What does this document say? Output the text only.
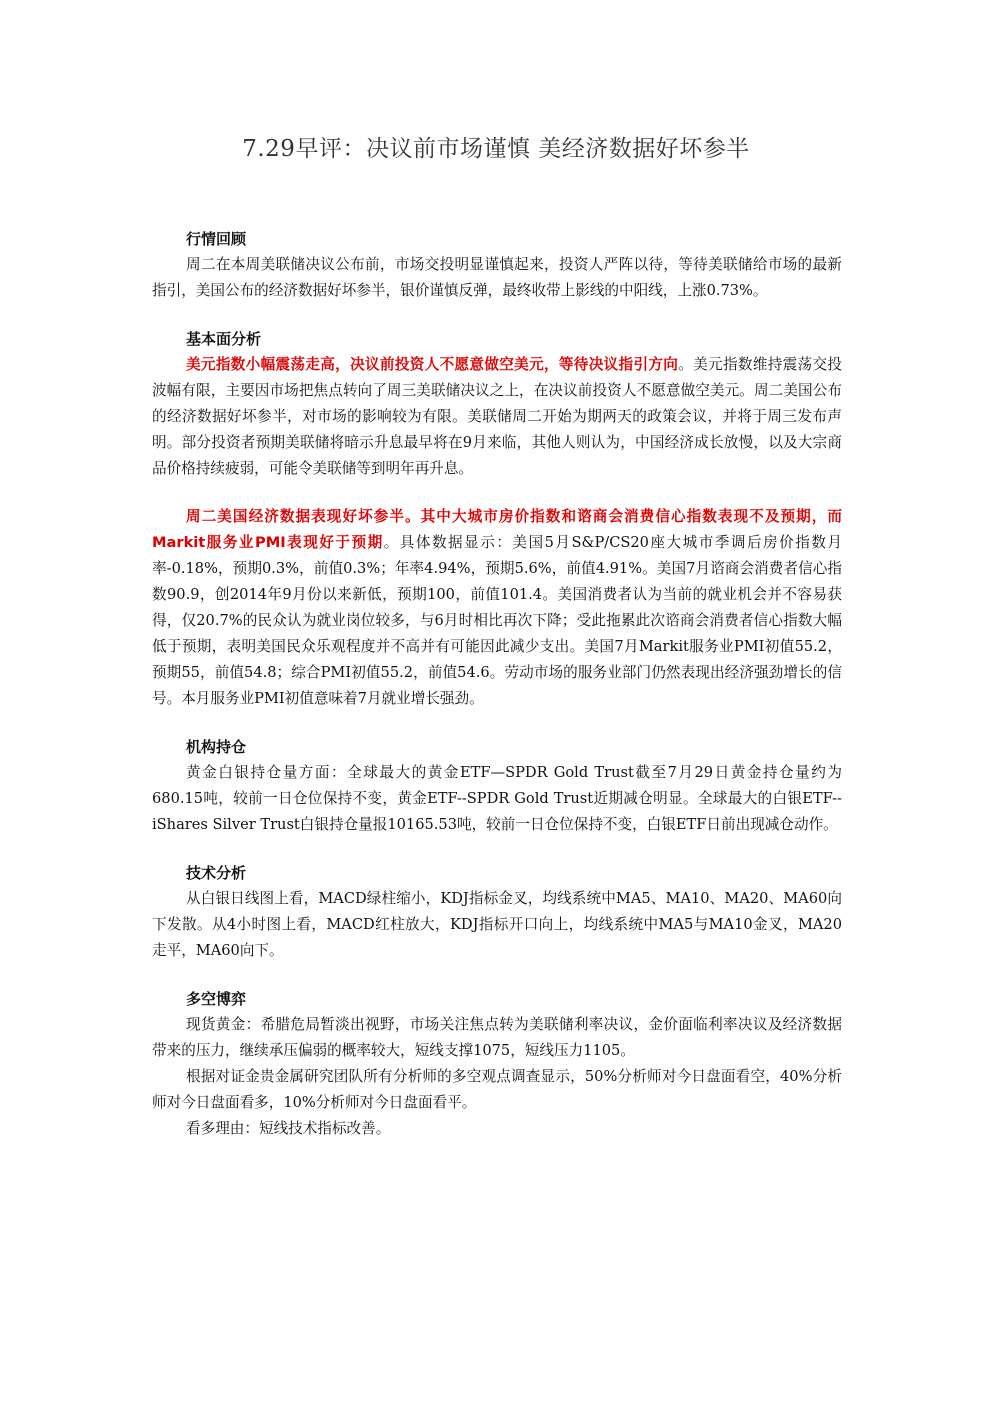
7.29早评：决议前市场谨慎 美经济数据好坏参半
行情回顾

周二在本周美联储决议公布前，市场交投明显谨慎起来，投资人严阵以待，等待美联储给市场的最新指引，美国公布的经济数据好坏参半，银价谨慎反弹，最终收带上影线的中阳线，上涨0.73%。

基本面分析

美元指数小幅震荡走高，决议前投资人不愿意做空美元，等待决议指引方向。美元指数维持震荡交投波幅有限，主要因市场把焦点转向了周三美联储决议之上，在决议前投资人不愿意做空美元。周二美国公布的经济数据好坏参半，对市场的影响较为有限。美联储周二开始为期两天的政策会议，并将于周三发布声明。部分投资者预期美联储将暗示升息最早将在9月来临，其他人则认为，中国经济成长放慢，以及大宗商品价格持续疲弱，可能令美联储等到明年再升息。

周二美国经济数据表现好坏参半。其中大城市房价指数和谘商会消费信心指数表现不及预期，而Markit服务业PMI表现好于预期。具体数据显示：美国5月S&P/CS20座大城市季调后房价指数月率-0.18%，预期0.3%，前值0.3%；年率4.94%，预期5.6%，前值4.91%。美国7月谘商会消费者信心指数90.9，创2014年9月份以来新低，预期100，前值101.4。美国消费者认为当前的就业机会并不容易获得，仅20.7%的民众认为就业岗位较多，与6月时相比再次下降；受此拖累此次谘商会消费者信心指数大幅低于预期，表明美国民众乐观程度并不高并有可能因此减少支出。美国7月Markit服务业PMI初值55.2，预期55，前值54.8；综合PMI初值55.2，前值54.6。劳动市场的服务业部门仍然表现出经济强劲增长的信号。本月服务业PMI初值意味着7月就业增长强劲。

机构持仓

黄金白银持仓量方面：全球最大的黄金ETF—SPDR Gold Trust截至7月29日黄金持仓量约为680.15吨，较前一日仓位保持不变，黄金ETF--SPDR Gold Trust近期减仓明显。全球最大的白银ETF--iShares Silver Trust白银持仓量报10165.53吨，较前一日仓位保持不变，白银ETF日前出现减仓动作。

技术分析

从白银日线图上看，MACD绿柱缩小，KDJ指标金叉，均线系统中MA5、MA10、MA20、MA60向下发散。从4小时图上看，MACD红柱放大，KDJ指标开口向上，均线系统中MA5与MA10金叉，MA20走平，MA60向下。

多空博弈

现货黄金：希腊危局暂淡出视野，市场关注焦点转为美联储利率决议，金价面临利率决议及经济数据带来的压力，继续承压偏弱的概率较大，短线支撑1075，短线压力1105。

根据对证金贵金属研究团队所有分析师的多空观点调查显示，50%分析师对今日盘面看空，40%分析师对今日盘面看多，10%分析师对今日盘面看平。

看多理由：短线技术指标改善。
